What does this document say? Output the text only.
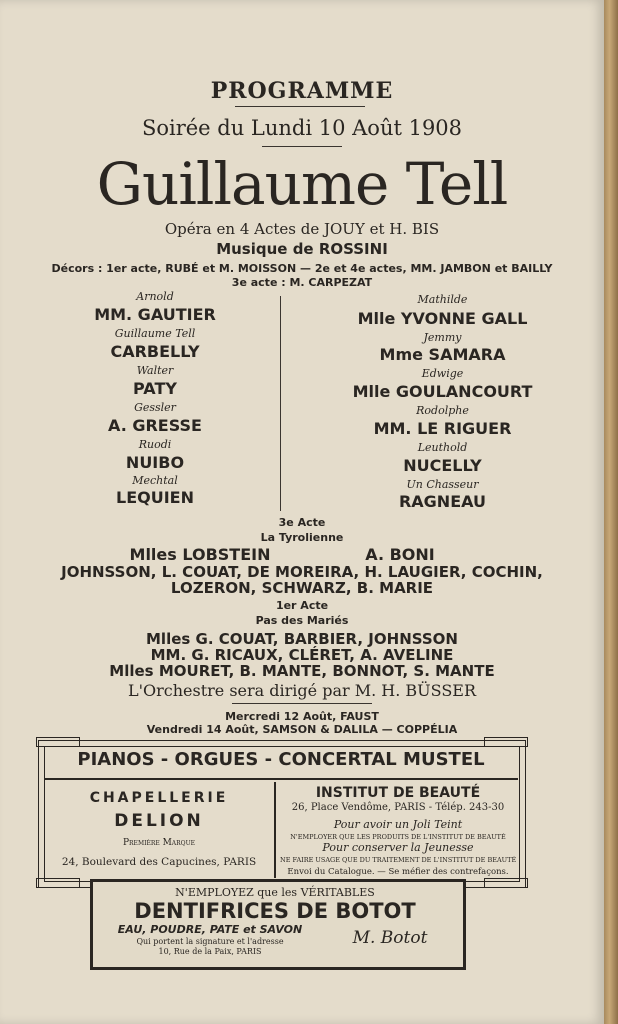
PROGRAMME
Soirée du Lundi 10 Août 1908
Guillaume Tell
Opéra en 4 Actes de JOUY et H. BIS
Musique de ROSSINI
Décors : 1er acte, RUBÉ et M. MOISSON — 2e et 4e actes, MM. JAMBON et BAILLY
3e acte : M. CARPEZAT
Arnold
MM. GAUTIER
Guillaume Tell
CARBELLY
Walter
PATY
Gessler
A. GRESSE
Ruodi
NUIBO
Mechtal
LEQUIEN
Mathilde
Mlle YVONNE GALL
Jemmy
Mme SAMARA
Edwige
Mlle GOULANCOURT
Rodolphe
MM. LE RIGUER
Leuthold
NUCELLY
Un Chasseur
RAGNEAU
3e Acte
La Tyrolienne
Mlles LOBSTEIN	A. BONI
JOHNSSON, L. COUAT, DE MOREIRA, H. LAUGIER, COCHIN,
LOZERON, SCHWARZ, B. MARIE
1er Acte
Pas des Mariés
Mlles G. COUAT, BARBIER, JOHNSSON
MM. G. RICAUX, CLÉRET, A. AVELINE
Mlles MOURET, B. MANTE, BONNOT, S. MANTE
L'Orchestre sera dirigé par M. H. BÜSSER
Mercredi 12 Août, FAUST
Vendredi 14 Août, SAMSON & DALILA — COPPÉLIA
PIANOS - ORGUES - CONCERTAL MUSTEL
CHAPELLERIE
DELION
Première Marque
24, Boulevard des Capucines, PARIS
INSTITUT DE BEAUTÉ
26, Place Vendôme, PARIS - Télép. 243-30
Pour avoir un Joli Teint
N'EMPLOYER QUE LES PRODUITS DE L'INSTITUT DE BEAUTÉ
Pour conserver la Jeunesse
NE FAIRE USAGE QUE DU TRAITEMENT DE L'INSTITUT DE BEAUTÉ
Envoi du Catalogue. — Se méfier des contrefaçons.
N'EMPLOYEZ que les VÉRITABLES
DENTIFRICES DE BOTOT
EAU, POUDRE, PATE et SAVON
Qui portent la signature et l'adresse
10, Rue de la Paix, PARIS
M. Botot
